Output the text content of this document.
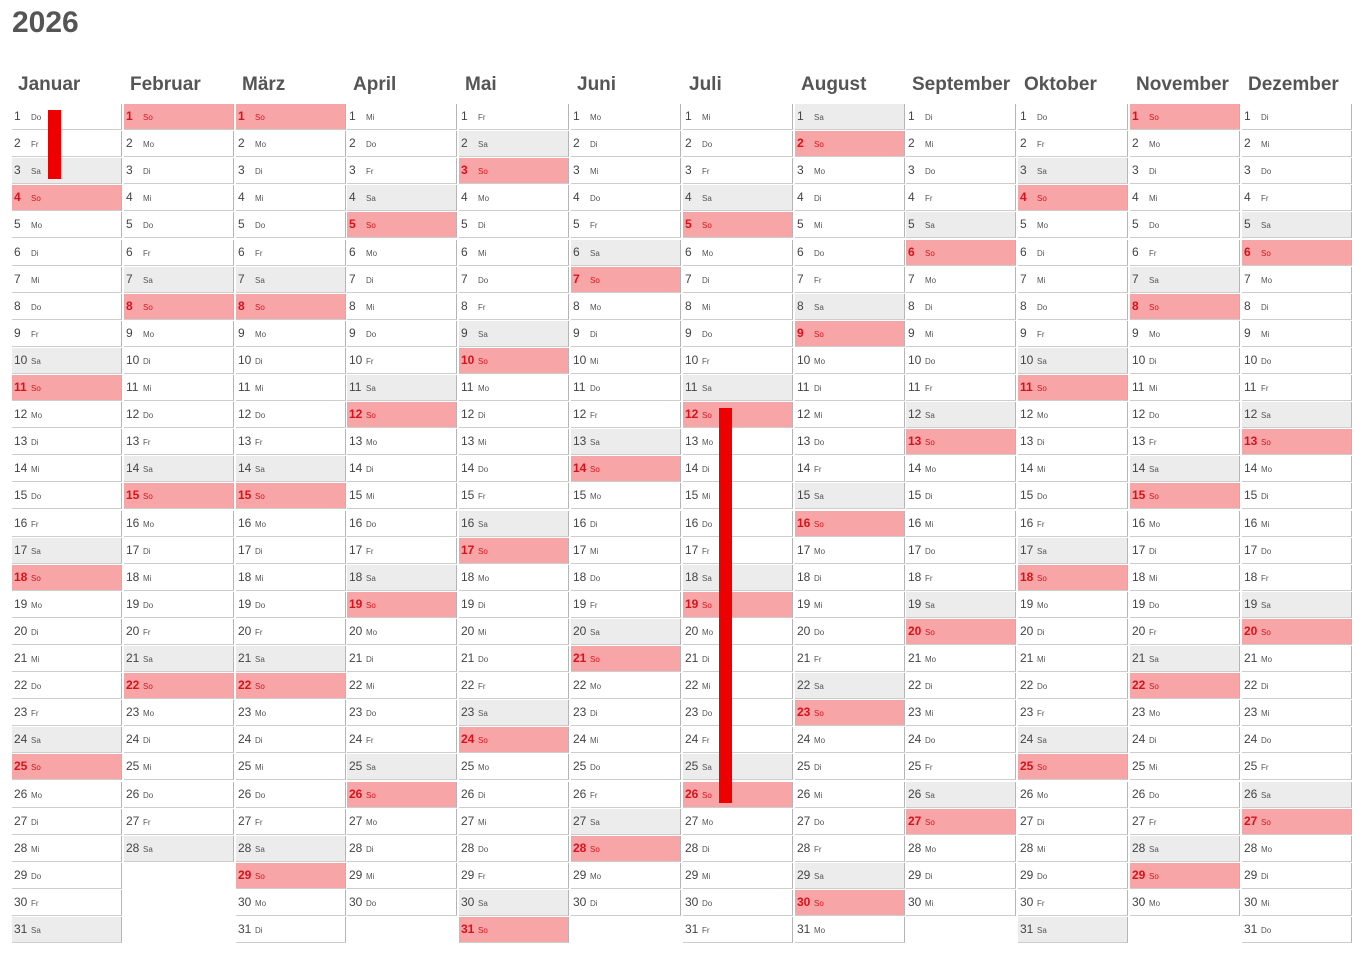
2026
Januar
1 Do
2 Fr
3 Sa
4 So
5 Mo
6 Di
7 Mi
8 Do
9 Fr
10 Sa
11 So
12 Mo
13 Di
14 Mi
15 Do
16 Fr
17 Sa
18 So
19 Mo
20 Di
21 Mi
22 Do
23 Fr
24 Sa
25 So
26 Mo
27 Di
28 Mi
29 Do
30 Fr
31 Sa
Februar
1 So
2 Mo
3 Di
4 Mi
5 Do
6 Fr
7 Sa
8 So
9 Mo
10 Di
11 Mi
12 Do
13 Fr
14 Sa
15 So
16 Mo
17 Di
18 Mi
19 Do
20 Fr
21 Sa
22 So
23 Mo
24 Di
25 Mi
26 Do
27 Fr
28 Sa
März
1 So
2 Mo
3 Di
4 Mi
5 Do
6 Fr
7 Sa
8 So
9 Mo
10 Di
11 Mi
12 Do
13 Fr
14 Sa
15 So
16 Mo
17 Di
18 Mi
19 Do
20 Fr
21 Sa
22 So
23 Mo
24 Di
25 Mi
26 Do
27 Fr
28 Sa
29 So
30 Mo
31 Di
April
1 Mi
2 Do
3 Fr
4 Sa
5 So
6 Mo
7 Di
8 Mi
9 Do
10 Fr
11 Sa
12 So
13 Mo
14 Di
15 Mi
16 Do
17 Fr
18 Sa
19 So
20 Mo
21 Di
22 Mi
23 Do
24 Fr
25 Sa
26 So
27 Mo
28 Di
29 Mi
30 Do
Mai
1 Fr
2 Sa
3 So
4 Mo
5 Di
6 Mi
7 Do
8 Fr
9 Sa
10 So
11 Mo
12 Di
13 Mi
14 Do
15 Fr
16 Sa
17 So
18 Mo
19 Di
20 Mi
21 Do
22 Fr
23 Sa
24 So
25 Mo
26 Di
27 Mi
28 Do
29 Fr
30 Sa
31 So
Juni
1 Mo
2 Di
3 Mi
4 Do
5 Fr
6 Sa
7 So
8 Mo
9 Di
10 Mi
11 Do
12 Fr
13 Sa
14 So
15 Mo
16 Di
17 Mi
18 Do
19 Fr
20 Sa
21 So
22 Mo
23 Di
24 Mi
25 Do
26 Fr
27 Sa
28 So
29 Mo
30 Di
Juli
1 Mi
2 Do
3 Fr
4 Sa
5 So
6 Mo
7 Di
8 Mi
9 Do
10 Fr
11 Sa
12 So
13 Mo
14 Di
15 Mi
16 Do
17 Fr
18 Sa
19 So
20 Mo
21 Di
22 Mi
23 Do
24 Fr
25 Sa
26 So
27 Mo
28 Di
29 Mi
30 Do
31 Fr
August
1 Sa
2 So
3 Mo
4 Di
5 Mi
6 Do
7 Fr
8 Sa
9 So
10 Mo
11 Di
12 Mi
13 Do
14 Fr
15 Sa
16 So
17 Mo
18 Di
19 Mi
20 Do
21 Fr
22 Sa
23 So
24 Mo
25 Di
26 Mi
27 Do
28 Fr
29 Sa
30 So
31 Mo
September
1 Di
2 Mi
3 Do
4 Fr
5 Sa
6 So
7 Mo
8 Di
9 Mi
10 Do
11 Fr
12 Sa
13 So
14 Mo
15 Di
16 Mi
17 Do
18 Fr
19 Sa
20 So
21 Mo
22 Di
23 Mi
24 Do
25 Fr
26 Sa
27 So
28 Mo
29 Di
30 Mi
Oktober
1 Do
2 Fr
3 Sa
4 So
5 Mo
6 Di
7 Mi
8 Do
9 Fr
10 Sa
11 So
12 Mo
13 Di
14 Mi
15 Do
16 Fr
17 Sa
18 So
19 Mo
20 Di
21 Mi
22 Do
23 Fr
24 Sa
25 So
26 Mo
27 Di
28 Mi
29 Do
30 Fr
31 Sa
November
1 So
2 Mo
3 Di
4 Mi
5 Do
6 Fr
7 Sa
8 So
9 Mo
10 Di
11 Mi
12 Do
13 Fr
14 Sa
15 So
16 Mo
17 Di
18 Mi
19 Do
20 Fr
21 Sa
22 So
23 Mo
24 Di
25 Mi
26 Do
27 Fr
28 Sa
29 So
30 Mo
Dezember
1 Di
2 Mi
3 Do
4 Fr
5 Sa
6 So
7 Mo
8 Di
9 Mi
10 Do
11 Fr
12 Sa
13 So
14 Mo
15 Di
16 Mi
17 Do
18 Fr
19 Sa
20 So
21 Mo
22 Di
23 Mi
24 Do
25 Fr
26 Sa
27 So
28 Mo
29 Di
30 Mi
31 Do
